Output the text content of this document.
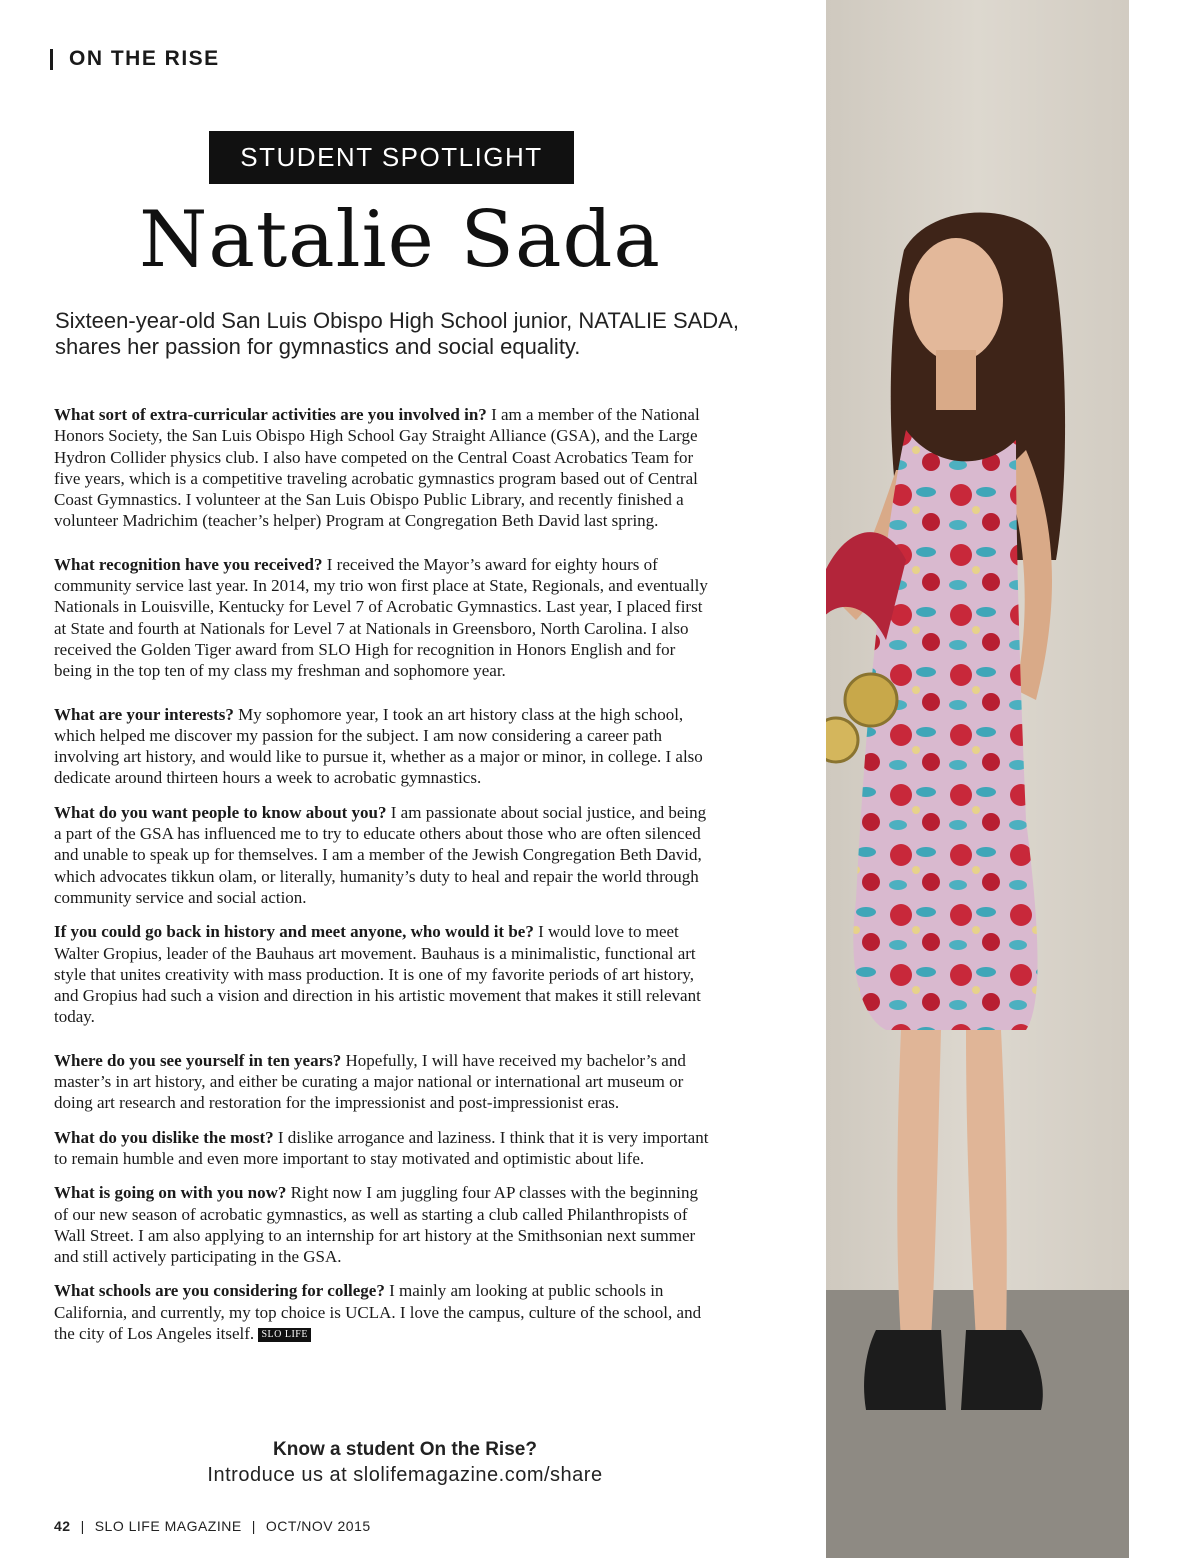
ON THE RISE
STUDENT SPOTLIGHT
Natalie Sada

Sixteen-year-old San Luis Obispo High School junior, NATALIE SADA, shares her passion for gymnastics and social equality.

What sort of extra-curricular activities are you involved in? I am a member of the National Honors Society, the San Luis Obispo High School Gay Straight Alliance (GSA), and the Large Hydron Collider physics club. I also have competed on the Central Coast Acrobatics Team for five years, which is a competitive traveling acrobatic gymnastics program based out of Central Coast Gymnastics. I volunteer at the San Luis Obispo Public Library, and recently finished a volunteer Madrichim (teacher’s helper) Program at Congregation Beth David last spring.

What recognition have you received? I received the Mayor’s award for eighty hours of community service last year. In 2014, my trio won first place at State, Regionals, and eventually Nationals in Louisville, Kentucky for Level 7 of Acrobatic Gymnastics. Last year, I placed first at State and fourth at Nationals for Level 7 at Nationals in Greensboro, North Carolina. I also received the Golden Tiger award from SLO High for recognition in Honors English and for being in the top ten of my class my freshman and sophomore year.

What are your interests? My sophomore year, I took an art history class at the high school, which helped me discover my passion for the subject. I am now considering a career path involving art history, and would like to pursue it, whether as a major or minor, in college. I also dedicate around thirteen hours a week to acrobatic gymnastics.

What do you want people to know about you? I am passionate about social justice, and being a part of the GSA has influenced me to try to educate others about those who are often silenced and unable to speak up for themselves. I am a member of the Jewish Congregation Beth David, which advocates tikkun olam, or literally, humanity’s duty to heal and repair the world through community service and social action.

If you could go back in history and meet anyone, who would it be? I would love to meet Walter Gropius, leader of the Bauhaus art movement. Bauhaus is a minimalistic, functional art style that unites creativity with mass production. It is one of my favorite periods of art history, and Gropius had such a vision and direction in his artistic movement that makes it still relevant today.

Where do you see yourself in ten years? Hopefully, I will have received my bachelor’s and master’s in art history, and either be curating a major national or international art museum or doing art research and restoration for the impressionist and post-impressionist eras.

What do you dislike the most? I dislike arrogance and laziness. I think that it is very important to remain humble and even more important to stay motivated and optimistic about life.

What is going on with you now? Right now I am juggling four AP classes with the beginning of our new season of acrobatic gymnastics, as well as starting a club called Philanthropists of Wall Street. I am also applying to an internship for art history at the Smithsonian next summer and still actively participating in the GSA.

What schools are you considering for college? I mainly am looking at public schools in California, and currently, my top choice is UCLA. I love the campus, culture of the school, and the city of Los Angeles itself. SLO LIFE

Know a student On the Rise?
Introduce us at slolifemagazine.com/share
42 | SLO LIFE MAGAZINE | OCT/NOV 2015
